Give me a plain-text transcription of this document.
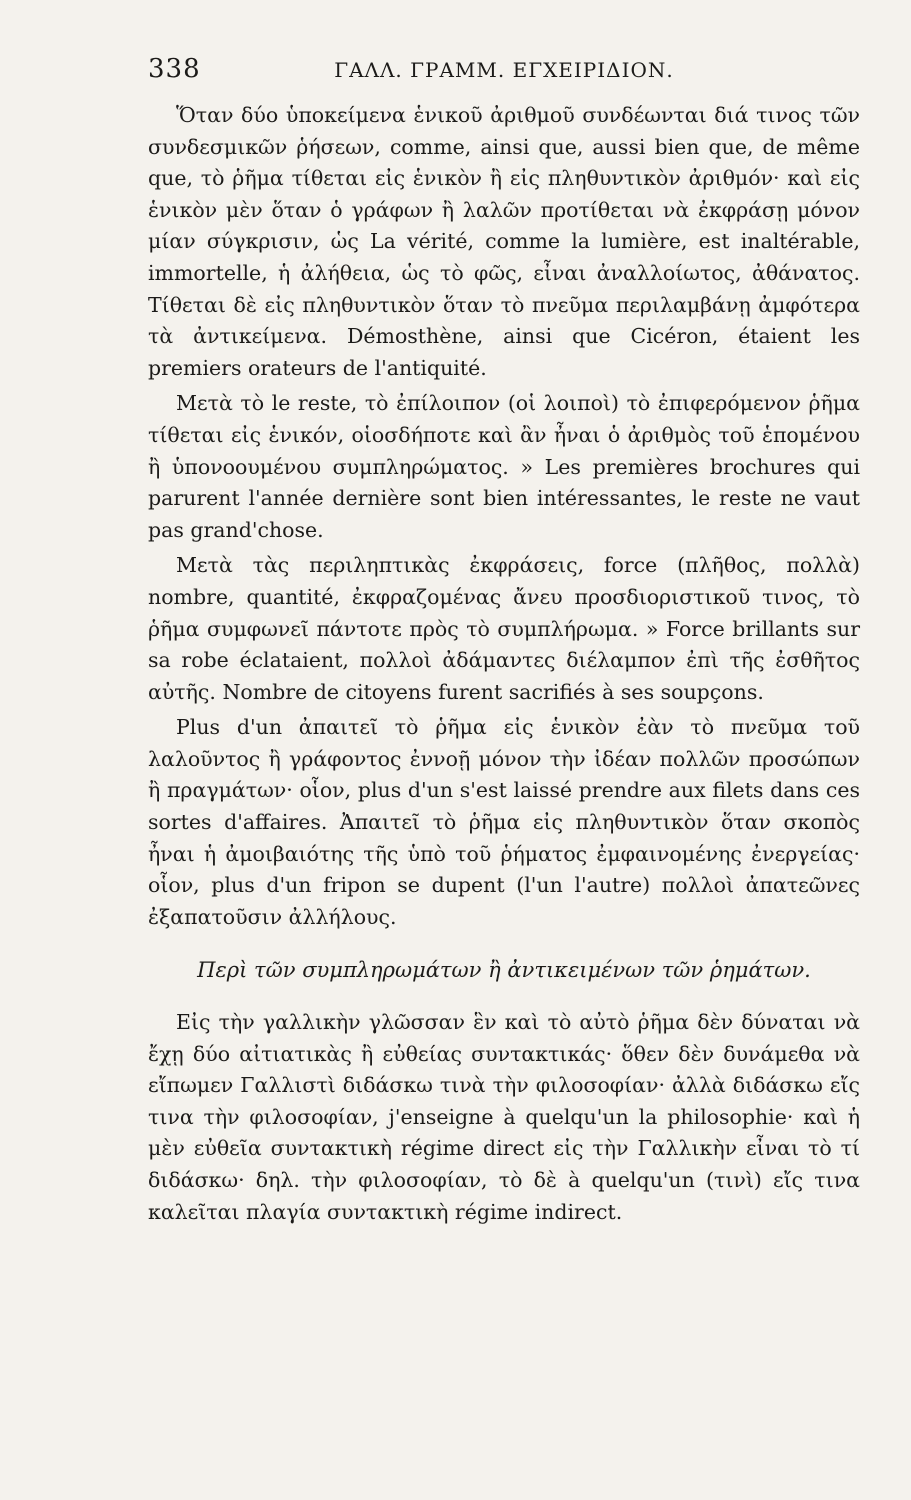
338	ΓΑΛΛ. ΓΡΑΜΜ. ΕΓΧΕΙΡΙΔΙΟΝ.

Ὅταν δύο ὑποκείμενα ἑνικοῦ ἀριθμοῦ συνδέωνται διά τινος τῶν συνδεσμικῶν ῥήσεων, comme, ainsi que, aussi bien que, de même que, τὸ ῥῆμα τίθεται εἰς ἑνικὸν ἢ εἰς πληθυντικὸν ἀριθμόν· καὶ εἰς ἑνικὸν μὲν ὅταν ὁ γράφων ἢ λαλῶν προτίθεται νὰ ἐκφράσῃ μόνον μίαν σύγκρισιν, ὡς La vérité, comme la lumière, est inaltérable, immortelle, ἡ ἀλήθεια, ὡς τὸ φῶς, εἶναι ἀναλλοίωτος, ἀθάνατος. Τίθεται δὲ εἰς πληθυντικὸν ὅταν τὸ πνεῦμα περιλαμβάνῃ ἀμφότερα τὰ ἀντικείμενα. Démosthène, ainsi que Cicéron, étaient les premiers orateurs de l'antiquité.

Μετὰ τὸ le reste, τὸ ἐπίλοιπον (οἱ λοιποὶ) τὸ ἐπιφερόμενον ῥῆμα τίθεται εἰς ἑνικόν, οἱοσδήποτε καὶ ἂν ἦναι ὁ ἀριθμὸς τοῦ ἑπομένου ἢ ὑπονοουμένου συμπληρώματος. » Les premières brochures qui parurent l'année dernière sont bien intéressantes, le reste ne vaut pas grand'chose.

Μετὰ τὰς περιληπτικὰς ἐκφράσεις, force (πλῆθος, πολλὰ) nombre, quantité, ἐκφραζομένας ἄνευ προσδιοριστικοῦ τινος, τὸ ῥῆμα συμφωνεῖ πάντοτε πρὸς τὸ συμπλήρωμα. » Force brillants sur sa robe éclataient, πολλοὶ ἀδάμαντες διέλαμπον ἐπὶ τῆς ἐσθῆτος αὐτῆς. Nombre de citoyens furent sacrifiés à ses soupçons.

Plus d'un ἀπαιτεῖ τὸ ῥῆμα εἰς ἑνικὸν ἐὰν τὸ πνεῦμα τοῦ λαλοῦντος ἢ γράφοντος ἐννοῇ μόνον τὴν ἰδέαν πολλῶν προσώπων ἢ πραγμάτων· οἷον, plus d'un s'est laissé prendre aux filets dans ces sortes d'affaires. Ἀπαιτεῖ τὸ ῥῆμα εἰς πληθυντικὸν ὅταν σκοπὸς ἦναι ἡ ἀμοιβαιότης τῆς ὑπὸ τοῦ ῥήματος ἐμφαινομένης ἐνεργείας· οἷον, plus d'un fripon se dupent (l'un l'autre) πολλοὶ ἀπατεῶνες ἐξαπατοῦσιν ἀλλήλους.

Περὶ τῶν συμπληρωμάτων ἢ ἀντικειμένων τῶν ῥημάτων.

Εἰς τὴν γαλλικὴν γλῶσσαν ἓν καὶ τὸ αὐτὸ ῥῆμα δὲν δύναται νὰ ἔχῃ δύο αἰτιατικὰς ἢ εὐθείας συντακτικάς· ὅθεν δὲν δυνάμεθα νὰ εἴπωμεν Γαλλιστὶ διδάσκω τινὰ τὴν φιλοσοφίαν· ἀλλὰ διδάσκω εἴς τινα τὴν φιλοσοφίαν, j'enseigne à quelqu'un la philosophie· καὶ ἡ μὲν εὐθεῖα συντακτικὴ régime direct εἰς τὴν Γαλλικὴν εἶναι τὸ τί διδάσκω· δηλ. τὴν φιλοσοφίαν, τὸ δὲ à quelqu'un (τινὶ) εἴς τινα καλεῖται πλαγία συντακτικὴ régime indirect.
